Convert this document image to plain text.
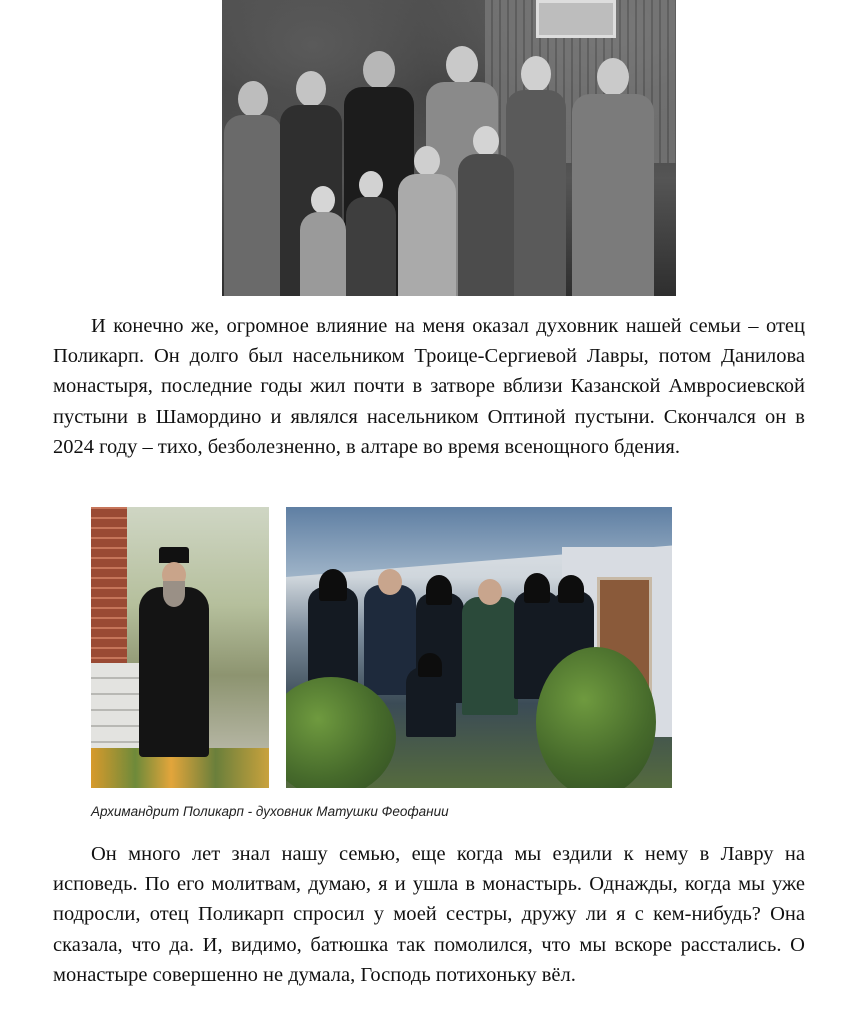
И конечно же, огромное влияние на меня оказал духовник нашей семьи – отец Поликарп. Он долго был насельником Троице-Сергиевой Лавры, потом Данилова монастыря, последние годы жил почти в затворе вблизи Казанской Амвросиевской пустыни в Шамордино и являлся насельником Оптиной пустыни. Скончался он в 2024 году – тихо, безболезненно, в алтаре во время всенощного бдения.

Архимандрит Поликарп - духовник Матушки Феофании

Он много лет знал нашу семью, еще когда мы ездили к нему в Лавру на исповедь. По его молитвам, думаю, я и ушла в монастырь. Однажды, когда мы уже подросли, отец Поликарп спросил у моей сестры, дружу ли я с кем-нибудь? Она сказала, что да. И, видимо, батюшка так помолился, что мы вскоре расстались. О монастыре совершенно не думала, Господь потихоньку вёл.
